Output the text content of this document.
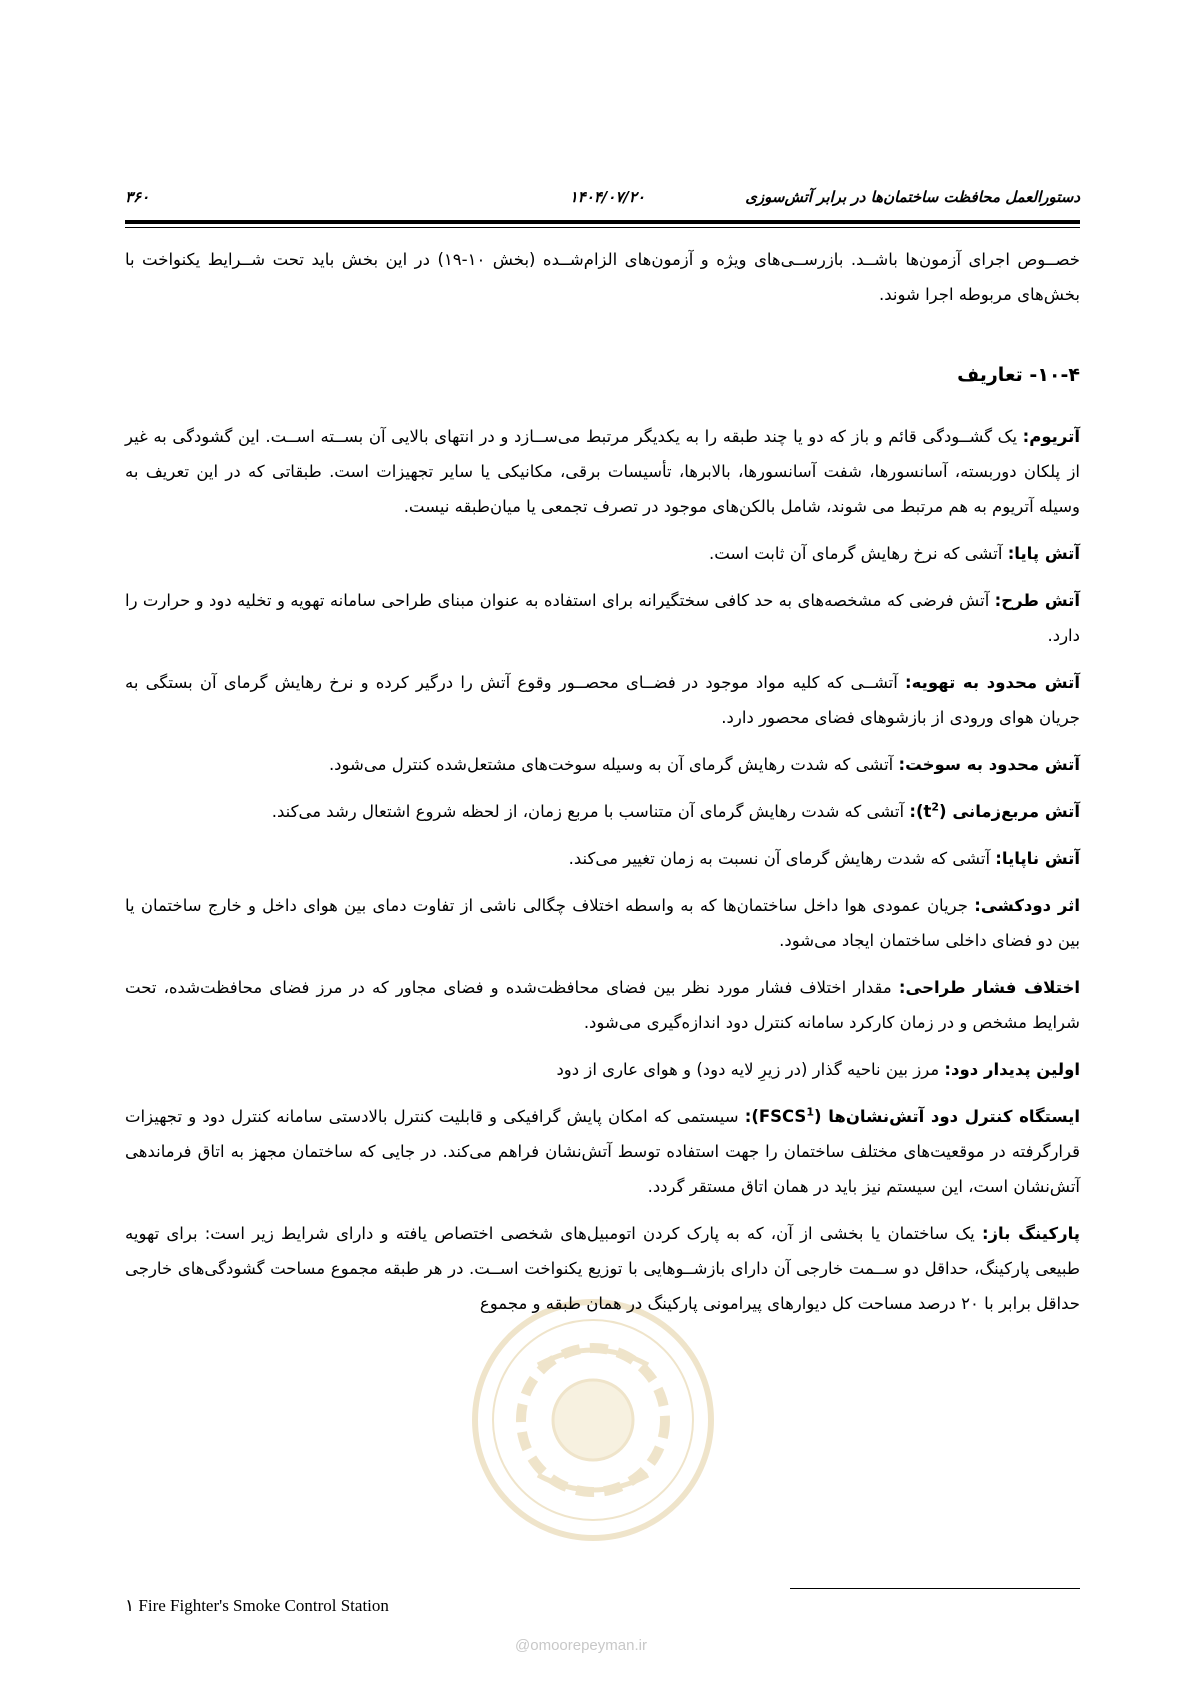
دستورالعمل محافظت ساختمان‌ها در برابر آتش‌سوزی
۱۴۰۴/۰۷/۲۰
۳۶۰

خصــوص اجرای آزمون‌ها باشــد. بازرســی‌های ویژه و آزمون‌های الزام‌شــده (بخش ۱۰-۱۹) در این بخش باید تحت شــرایط یکنواخت با بخش‌های مربوطه اجرا شوند.

۱۰-۴- تعاریف

آتریوم: یک گشــودگی قائم و باز که دو یا چند طبقه را به یکدیگر مرتبط می‌ســازد و در انتهای بالایی آن بســته اســت. این گشودگی به غیر از پلکان دوربسته، آسانسورها، شفت آسانسورها، بالابرها، تأسیسات برقی، مکانیکی یا سایر تجهیزات است. طبقاتی که در این تعریف به وسیله آتریوم به هم مرتبط می شوند، شامل بالکن‌های موجود در تصرف تجمعی یا میان‌طبقه نیست.

آتش پایا: آتشی که نرخ رهایش گرمای آن ثابت است.

آتش طرح: آتش فرضی که مشخصه‌های به حد کافی سختگیرانه برای استفاده به عنوان مبنای طراحی سامانه تهویه و تخلیه دود و حرارت را دارد.

آتش محدود به تهویه: آتشــی که کلیه مواد موجود در فضــای محصــور وقوع آتش را درگیر کرده و نرخ رهایش گرمای آن بستگی به جریان هوای ورودی از بازشوهای فضای محصور دارد.

آتش محدود به سوخت: آتشی که شدت رهایش گرمای آن به وسیله سوخت‌های مشتعل‌شده کنترل می‌شود.

آتش مربع‌زمانی $(t^2)$: آتشی که شدت رهایش گرمای آن متناسب با مربع زمان، از لحظه شروع اشتعال رشد می‌کند.

آتش ناپایا: آتشی که شدت رهایش گرمای آن نسبت به زمان تغییر می‌کند.

اثر دودکشی: جریان عمودی هوا داخل ساختمان‌ها که به واسطه اختلاف چگالی ناشی از تفاوت دمای بین هوای داخل و خارج ساختمان یا بین دو فضای داخلی ساختمان ایجاد می‌شود.

اختلاف فشار طراحی: مقدار اختلاف فشار مورد نظر بین فضای محافظت‌شده و فضای مجاور که در مرز فضای محافظت‌شده، تحت شرایط مشخص و در زمان کارکرد سامانه کنترل دود اندازه‌گیری می‌شود.

اولین پدیدار دود: مرز بین ناحیه گذار (در زیرِ لایه دود) و هوای عاری از دود

ایستگاه کنترل دود آتش‌نشان‌ها (FSCS$^1$): سیستمی که امکان پایش گرافیکی و قابلیت کنترل بالادستی سامانه کنترل دود و تجهیزات قرارگرفته در موقعیت‌های مختلف ساختمان را جهت استفاده توسط آتش‌نشان فراهم می‌کند. در جایی که ساختمان مجهز به اتاق فرماندهی آتش‌نشان است، این سیستم نیز باید در همان اتاق مستقر گردد.

پارکینگ باز: یک ساختمان یا بخشی از آن، که به پارک کردن اتومبیل‌های شخصی اختصاص یافته و دارای شرایط زیر است: برای تهویه طبیعی پارکینگ، حداقل دو ســمت خارجی آن دارای بازشــوهایی با توزیع یکنواخت اســت. در هر طبقه مجموع مساحت گشودگی‌های خارجی حداقل برابر با ۲۰ درصد مساحت کل دیوارهای پیرامونی پارکینگ در همان طبقه و مجموع

۱ Fire Fighter's Smoke Control Station
@omoorepeyman.ir
